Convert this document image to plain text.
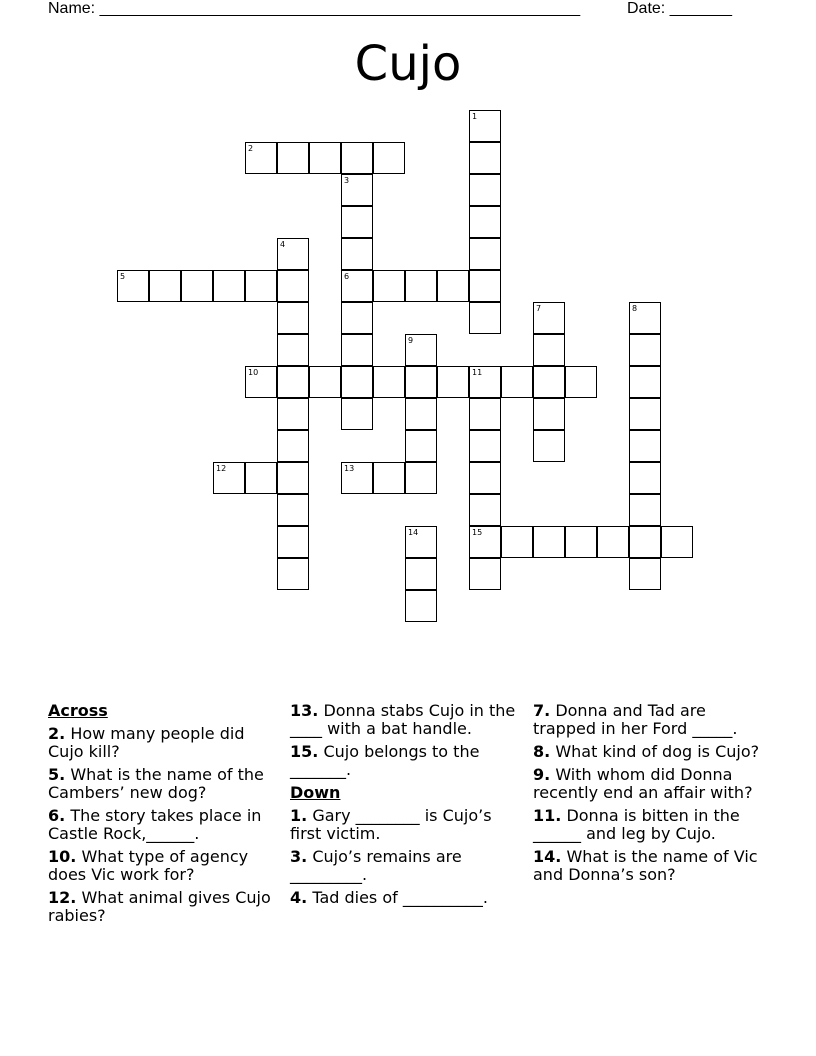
Name: ______________________________________________________	Date: _______
Cujo
2
5	6
10	11
12	13
15
1
3
4
7	8
9
14
Across
2. How many people did Cujo kill?
5. What is the name of the Cambers’ new dog?
6. The story takes place in Castle Rock,______.
10. What type of agency does Vic work for?
12. What animal gives Cujo rabies?
13. Donna stabs Cujo in the ____ with a bat handle.
15. Cujo belongs to the _______.
Down
1. Gary ________ is Cujo’s first victim.
3. Cujo’s remains are _________.
4. Tad dies of __________.
7. Donna and Tad are trapped in her Ford _____.
8. What kind of dog is Cujo?
9. With whom did Donna recently end an affair with?
11. Donna is bitten in the ______ and leg by Cujo.
14. What is the name of Vic and Donna’s son?
